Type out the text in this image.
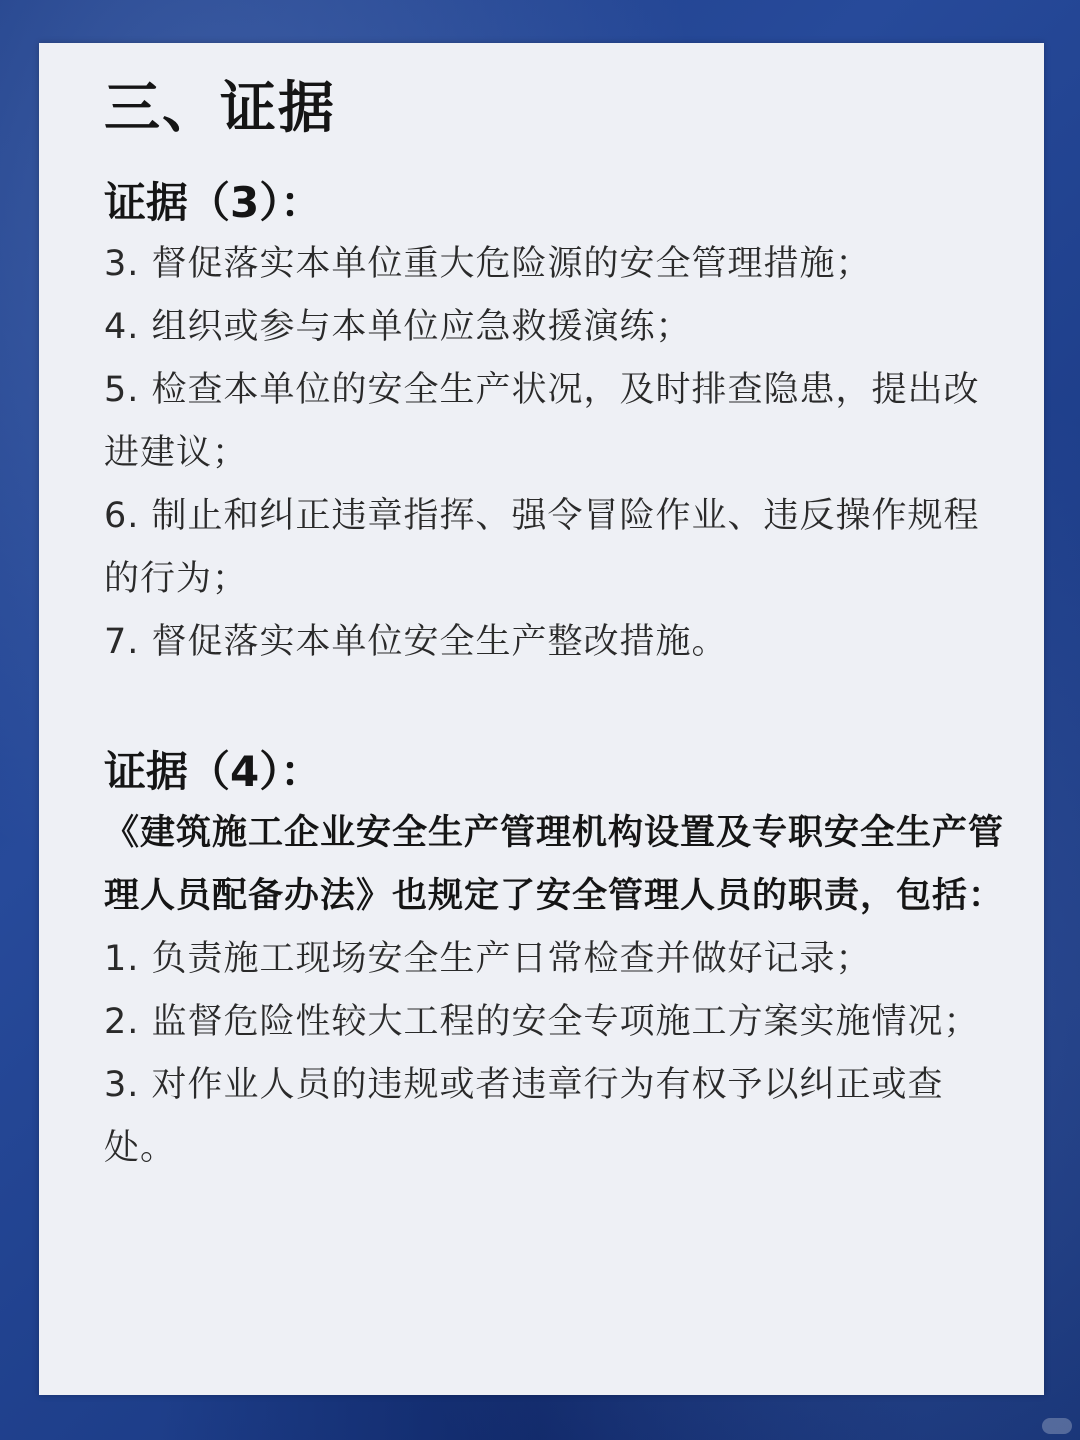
三、证据

证据（3）：

3. 督促落实本单位重大危险源的安全管理措施；

4. 组织或参与本单位应急救援演练；

5. 检查本单位的安全生产状况，及时排查隐患，提出改进建议；

6. 制止和纠正违章指挥、强令冒险作业、违反操作规程的行为；

7. 督促落实本单位安全生产整改措施。

证据（4）：

《建筑施工企业安全生产管理机构设置及专职安全生产管理人员配备办法》也规定了安全管理人员的职责，包括：

1. 负责施工现场安全生产日常检查并做好记录；

2. 监督危险性较大工程的安全专项施工方案实施情况；

3. 对作业人员的违规或者违章行为有权予以纠正或查处。
